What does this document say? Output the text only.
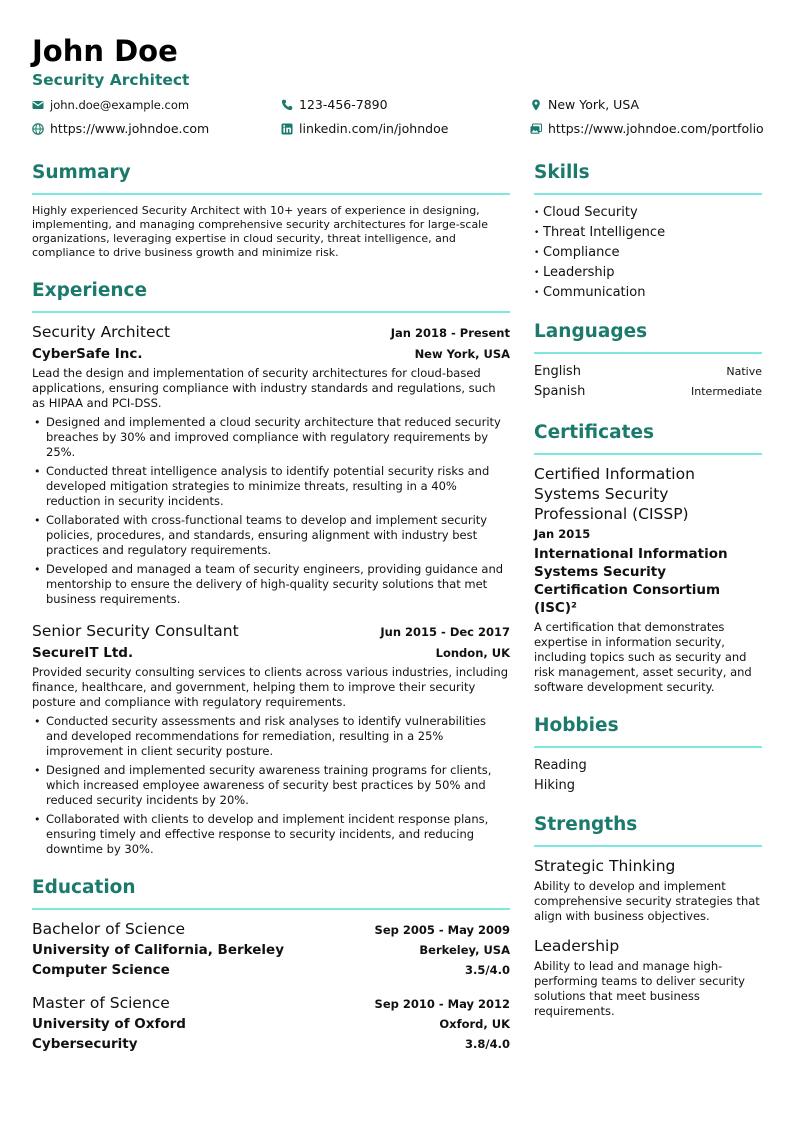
John Doe
Security Architect
john.doe@example.com	123-456-7890	New York, USA
https://www.johndoe.com	linkedin.com/in/johndoe	https://www.johndoe.com/portfolio
Summary
Highly experienced Security Architect with 10+ years of experience in designing, implementing, and managing comprehensive security architectures for large-scale organizations, leveraging expertise in cloud security, threat intelligence, and compliance to drive business growth and minimize risk.
Experience
Security Architect	Jan 2018 - Present
CyberSafe Inc.	New York, USA
Lead the design and implementation of security architectures for cloud-based applications, ensuring compliance with industry standards and regulations, such as HIPAA and PCI-DSS.
• Designed and implemented a cloud security architecture that reduced security breaches by 30% and improved compliance with regulatory requirements by 25%.
• Conducted threat intelligence analysis to identify potential security risks and developed mitigation strategies to minimize threats, resulting in a 40% reduction in security incidents.
• Collaborated with cross-functional teams to develop and implement security policies, procedures, and standards, ensuring alignment with industry best practices and regulatory requirements.
• Developed and managed a team of security engineers, providing guidance and mentorship to ensure the delivery of high-quality security solutions that met business requirements.
Senior Security Consultant	Jun 2015 - Dec 2017
SecureIT Ltd.	London, UK
Provided security consulting services to clients across various industries, including finance, healthcare, and government, helping them to improve their security posture and compliance with regulatory requirements.
• Conducted security assessments and risk analyses to identify vulnerabilities and developed recommendations for remediation, resulting in a 25% improvement in client security posture.
• Designed and implemented security awareness training programs for clients, which increased employee awareness of security best practices by 50% and reduced security incidents by 20%.
• Collaborated with clients to develop and implement incident response plans, ensuring timely and effective response to security incidents, and reducing downtime by 30%.
Education
Bachelor of Science	Sep 2005 - May 2009
University of California, Berkeley	Berkeley, USA
Computer Science	3.5/4.0
Master of Science	Sep 2010 - May 2012
University of Oxford	Oxford, UK
Cybersecurity	3.8/4.0
Skills
• Cloud Security
• Threat Intelligence
• Compliance
• Leadership
• Communication
Languages
English	Native
Spanish	Intermediate
Certificates
Certified Information Systems Security Professional (CISSP)
Jan 2015
International Information Systems Security Certification Consortium (ISC)²
A certification that demonstrates expertise in information security, including topics such as security and risk management, asset security, and software development security.
Hobbies
Reading
Hiking
Strengths
Strategic Thinking
Ability to develop and implement comprehensive security strategies that align with business objectives.
Leadership
Ability to lead and manage high-performing teams to deliver security solutions that meet business requirements.
